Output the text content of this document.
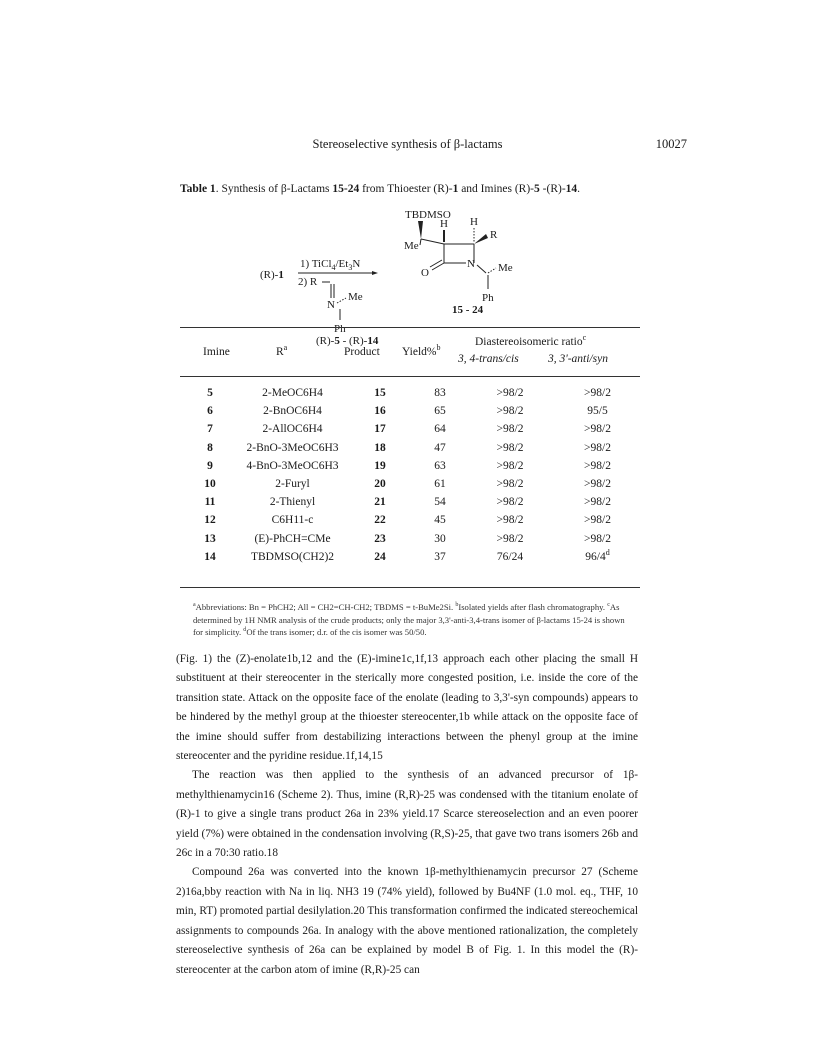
Stereoselective synthesis of β-lactams	10027
Table 1. Synthesis of β-Lactams 15-24 from Thioester (R)-1 and Imines (R)-5 -(R)-14.
(R)-1
1) $TiCl_4/Et_3N$
2) R
N
Me
Ph
(R)-5 - (R)-14
TBDMSO
H H
Me
R
O
N Me
Ph
15 - 24
Imine	$R^a$	Product Yield%$^b$	Diastereoisomeric ratio$^c$
3, 4-trans/cis	3, 3'-anti/syn
5	2-MeOC6H4	15	83	>98/2	>98/2
6	2-BnOC6H4	16	65	>98/2	95/5
7	2-AllOC6H4	17	64	>98/2	>98/2
8	2-BnO-3MeOC6H3	18	47	>98/2	>98/2
9	4-BnO-3MeOC6H3	19	63	>98/2	>98/2
10	2-Furyl	20	61	>98/2	>98/2
11	2-Thienyl	21	54	>98/2	>98/2
12	C6H11-c	22	45	>98/2	>98/2
13	(E)-PhCH=CMe	23	30	>98/2	>98/2
14	TBDMSO(CH2)2	24	37	76/24	96/4$^d$
$^a$Abbreviations: Bn = PhCH2; All = CH2=CH-CH2; TBDMS = t-BuMe2Si. $^b$Isolated yields after flash chromatography. $^c$As determined by 1H NMR analysis of the crude products; only the major 3,3'-anti-3,4-trans isomer of β-lactams 15-24 is shown for simplicity. $^d$Of the trans isomer; d.r. of the cis isomer was 50/50.

(Fig. 1) the (Z)-enolate1b,12 and the (E)-imine1c,1f,13 approach each other placing the small H substituent at their stereocenter in the sterically more congested position, i.e. inside the core of the transition state. Attack on the opposite face of the enolate (leading to 3,3'-syn compounds) appears to be hindered by the methyl group at the thioester stereocenter,1b while attack on the opposite face of the imine should suffer from destabilizing interactions between the phenyl group at the imine stereocenter and the pyridine residue.1f,14,15

The reaction was then applied to the synthesis of an advanced precursor of 1β-methylthienamycin16 (Scheme 2). Thus, imine (R,R)-25 was condensed with the titanium enolate of (R)-1 to give a single trans product 26a in 23% yield.17 Scarce stereoselection and an even poorer yield (7%) were obtained in the condensation involving (R,S)-25, that gave two trans isomers 26b and 26c in a 70:30 ratio.18

Compound 26a was converted into the known 1β-methylthienamycin precursor 27 (Scheme 2)16a,bby reaction with Na in liq. NH3 19 (74% yield), followed by Bu4NF (1.0 mol. eq., THF, 10 min, RT) promoted partial desilylation.20 This transformation confirmed the indicated stereochemical assignments to compounds 26a. In analogy with the above mentioned rationalization, the completely stereoselective synthesis of 26a can be explained by model B of Fig. 1. In this model the (R)-stereocenter at the carbon atom of imine (R,R)-25 can
